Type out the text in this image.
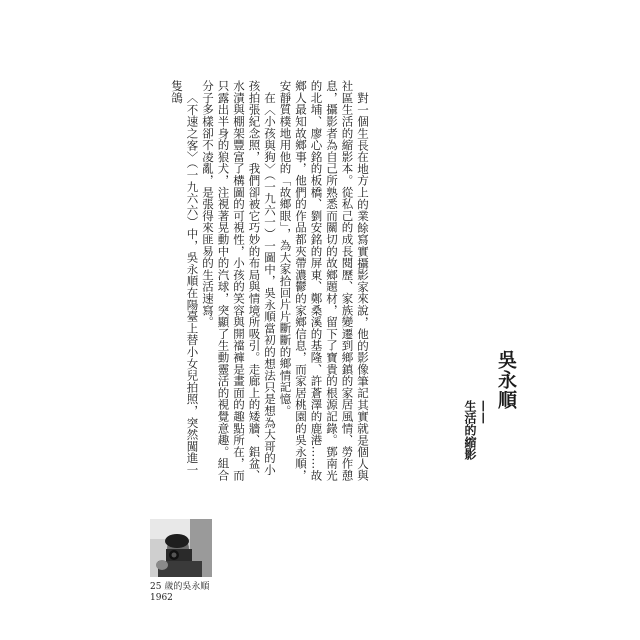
對一個生長在地方上的業餘寫實攝影家來說，他的影像筆記其實就是個人與社區生活的縮影本。從私己的成長閱歷、家族變遷到鄉鎮的家居風情、勞作憩息，攝影者為自己所熟悉而關切的故鄉題材，留下了寶貴的根源記錄。鄧南光的北埔、廖心銘的板橋、劉安銘的屏東、鄭桑溪的基隆、許蒼澤的鹿港……故鄉人最知故鄉事，他們的作品都夾帶濃鬱的家鄉信息，而家居桃園的吳永順，安靜質樸地用他的「故鄉眼」，為大家拾回片片斷斷的鄉情記憶。

在〈小孩與狗〉（一九六一）一圖中，吳永順當初的想法只是想為大哥的小孩拍張紀念照，我們卻被它巧妙的布局與情境所吸引。走廊上的矮牆、鋁盆、水漬與棚架豐富了構圖的可視性，小孩的笑容與開襠褲是畫面的趣點所在，而只露出半身的狼犬，注視著晃動中的汽球，突顯了生動靈活的視覺意趣。組合分子多樣卻不凌亂，是張得來匪易的生活速寫。

〈不速之客〉（一九六六）中，吳永順在陽臺上替小女兒拍照，突然闖進一隻鴿

吳永順
——
生活的縮影
25 歲的吳永順
1962
